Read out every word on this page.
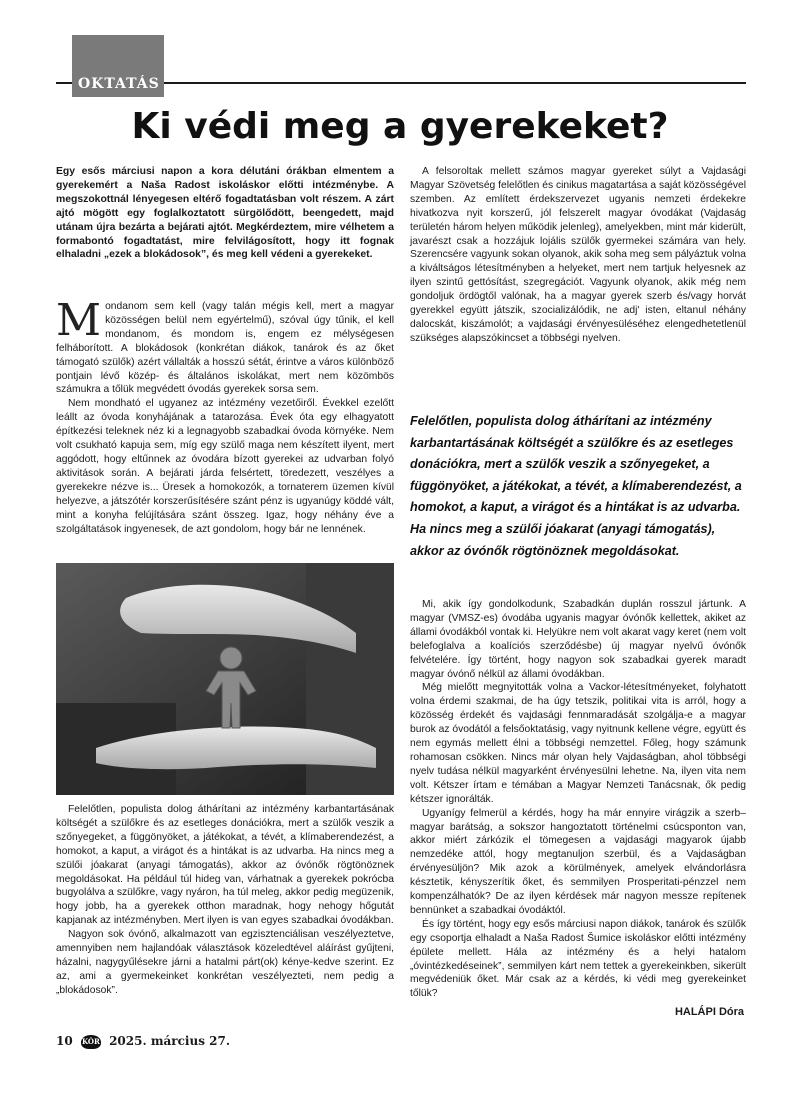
OKTATÁS
Ki védi meg a gyerekeket?

Egy esős márciusi napon a kora délutáni órákban elmentem a gyerekemért a Naša Radost iskoláskor előtti intézménybe. A megszokottnál lényegesen eltérő fogadtatásban volt részem. A zárt ajtó mögött egy foglalkoztatott sürgölődött, beengedett, majd utánam újra bezárta a bejárati ajtót. Megkérdeztem, mire vélhetem a formabontó fogadtatást, mire felvilágosított, hogy itt fognak elhaladni „ezek a blokádosok”, és meg kell védeni a gyerekeket.

Mondanom sem kell (vagy talán mégis kell, mert a magyar közösségen belül nem egyértelmű), szóval úgy tűnik, el kell mondanom, és mondom is, engem ez mélységesen felháborított. A blokádosok (konkrétan diákok, tanárok és az őket támogató szülők) azért vállalták a hosszú sétát, érintve a város különböző pontjain lévő közép- és általános iskolákat, mert nem közömbös számukra a tőlük megvédett óvodás gyerekek sorsa sem.

Nem mondható el ugyanez az intézmény vezetőiről. Évekkel ezelőtt leállt az óvoda konyhájának a tatarozása. Évek óta egy elhagyatott építkezési teleknek néz ki a legnagyobb szabadkai óvoda környéke. Nem volt csukható kapuja sem, míg egy szülő maga nem készített ilyent, mert aggódott, hogy eltűnnek az óvodára bízott gyerekei az udvarban folyó aktivitások során. A bejárati járda felsértett, töredezett, veszélyes a gyerekekre nézve is... Üresek a homokozók, a tornaterem üzemen kívül helyezve, a játszótér korszerűsítésére szánt pénz is ugyanúgy köddé vált, mint a konyha felújítására szánt összeg. Igaz, hogy néhány éve a szolgáltatások ingyenesek, de azt gondolom, hogy bár ne lennének.

Felelőtlen, populista dolog áthárítani az intézmény karbantartásának költségét a szülőkre és az esetleges donációkra, mert a szülők veszik a szőnyegeket, a függönyöket, a játékokat, a tévét, a klímaberendezést, a homokot, a kaput, a virágot és a hintákat is az udvarba. Ha nincs meg a szülői jóakarat (anyagi támogatás), akkor az óvónők rögtönöznek megoldásokat. Ha például túl hideg van, várhatnak a gyerekek pokrócba bugyolálva a szülőkre, vagy nyáron, ha túl meleg, akkor pedig megüzenik, hogy jobb, ha a gyerekek otthon maradnak, hogy nehogy hőgutát kapjanak az intézményben. Mert ilyen is van egyes szabadkai óvodákban.

Nagyon sok óvónő, alkalmazott van egzisztenciálisan veszélyeztetve, amennyiben nem hajlandóak választások közeledtével aláírást gyűjteni, házalni, nagygyűlésekre járni a hatalmi párt(ok) kénye-kedve szerint. Ez az, ami a gyermekeinket konkrétan veszélyezteti, nem pedig a „blokádosok”.

A felsoroltak mellett számos magyar gyereket súlyt a Vajdasági Magyar Szövetség felelőtlen és cinikus magatartása a saját közösségével szemben. Az említett érdekszervezet ugyanis nemzeti érdekekre hivatkozva nyit korszerű, jól felszerelt magyar óvodákat (Vajdaság területén három helyen működik jelenleg), amelyekben, mint már kiderült, javarészt csak a hozzájuk lojális szülők gyermekei számára van hely. Szerencsére vagyunk sokan olyanok, akik soha meg sem pályáztuk volna a kiváltságos létesítményben a helyeket, mert nem tartjuk helyesnek az ilyen szintű gettósítást, szegregációt. Vagyunk olyanok, akik még nem gondoljuk ördögtől valónak, ha a magyar gyerek szerb és/vagy horvát gyerekkel együtt játszik, szocializálódik, ne adj' isten, eltanul néhány dalocskát, kiszámolót; a vajdasági érvényesüléséhez elengedhetetlenül szükséges alapszókincset a többségi nyelven.

Felelőtlen, populista dolog áthárítani az intézmény karbantartásának költségét a szülőkre és az esetleges donációkra, mert a szülők veszik a szőnyegeket, a függönyöket, a játékokat, a tévét, a klímaberendezést, a homokot, a kaput, a virágot és a hintákat is az udvarba. Ha nincs meg a szülői jóakarat (anyagi támogatás), akkor az óvónők rögtönöznek megoldásokat.

Mi, akik így gondolkodunk, Szabadkán duplán rosszul jártunk. A magyar (VMSZ-es) óvodába ugyanis magyar óvónők kellettek, akiket az állami óvodákból vontak ki. Helyükre nem volt akarat vagy keret (nem volt belefoglalva a koalíciós szerződésbe) új magyar nyelvű óvónők felvételére. Így történt, hogy nagyon sok szabadkai gyerek maradt magyar óvónő nélkül az állami óvodákban.

Még mielőtt megnyitották volna a Vackor-létesítményeket, folyhatott volna érdemi szakmai, de ha úgy tetszik, politikai vita is arról, hogy a közösség érdekét és vajdasági fennmaradását szolgálja-e a magyar burok az óvodától a felsőoktatásig, vagy nyitnunk kellene végre, együtt és nem egymás mellett élni a többségi nemzettel. Főleg, hogy számunk rohamosan csökken. Nincs már olyan hely Vajdaságban, ahol többségi nyelv tudása nélkül magyarként érvényesülni lehetne. Na, ilyen vita nem volt. Kétszer írtam e témában a Magyar Nemzeti Tanácsnak, ők pedig kétszer ignorálták.

Ugyanígy felmerül a kérdés, hogy ha már ennyire virágzik a szerb–magyar barátság, a sokszor hangoztatott történelmi csúcsponton van, akkor miért zárkózik el tömegesen a vajdasági magyarok újabb nemzedéke attól, hogy megtanuljon szerbül, és a Vajdaságban érvényesüljön? Mik azok a körülmények, amelyek elvándorlásra késztetik, kényszerítik őket, és semmilyen Prosperitati-pénzzel nem kompenzálhatók? De az ilyen kérdések már nagyon messze repítenek bennünket a szabadkai óvodáktól.

És így történt, hogy egy esős márciusi napon diákok, tanárok és szülők egy csoportja elhaladt a Naša Radost Šumice iskoláskor előtti intézmény épülete mellett. Hála az intézmény és a helyi hatalom „óvintézkedéseinek”, semmilyen kárt nem tettek a gyerekeinkben, sikerült megvédeniük őket. Már csak az a kérdés, ki védi meg gyerekeinket tőlük?

HALÁPI Dóra
10 KÓR 2025. március 27.
